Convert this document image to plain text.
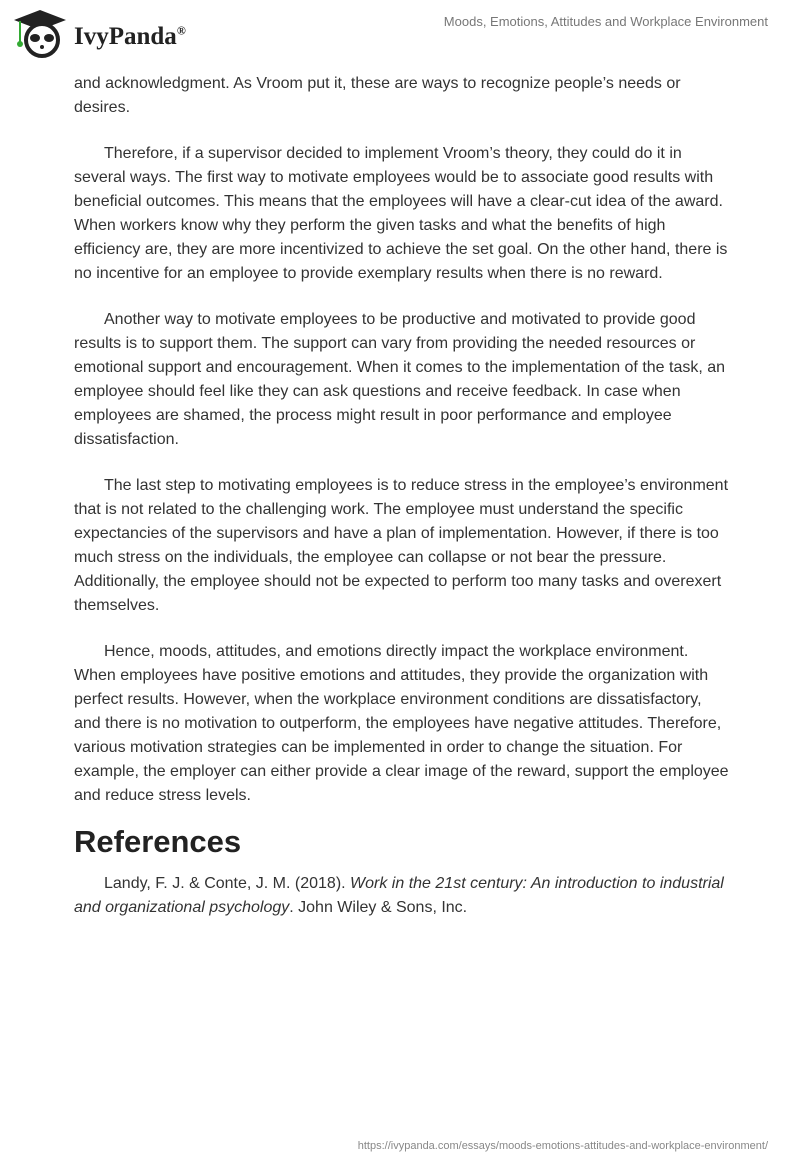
IvyPanda®
Moods, Emotions, Attitudes and Workplace Environment

and acknowledgment. As Vroom put it, these are ways to recognize people’s needs or desires.

Therefore, if a supervisor decided to implement Vroom’s theory, they could do it in several ways. The first way to motivate employees would be to associate good results with beneficial outcomes. This means that the employees will have a clear-cut idea of the award. When workers know why they perform the given tasks and what the benefits of high efficiency are, they are more incentivized to achieve the set goal. On the other hand, there is no incentive for an employee to provide exemplary results when there is no reward.

Another way to motivate employees to be productive and motivated to provide good results is to support them. The support can vary from providing the needed resources or emotional support and encouragement. When it comes to the implementation of the task, an employee should feel like they can ask questions and receive feedback. In case when employees are shamed, the process might result in poor performance and employee dissatisfaction.

The last step to motivating employees is to reduce stress in the employee’s environment that is not related to the challenging work. The employee must understand the specific expectancies of the supervisors and have a plan of implementation. However, if there is too much stress on the individuals, the employee can collapse or not bear the pressure. Additionally, the employee should not be expected to perform too many tasks and overexert themselves.

Hence, moods, attitudes, and emotions directly impact the workplace environment. When employees have positive emotions and attitudes, they provide the organization with perfect results. However, when the workplace environment conditions are dissatisfactory, and there is no motivation to outperform, the employees have negative attitudes. Therefore, various motivation strategies can be implemented in order to change the situation. For example, the employer can either provide a clear image of the reward, support the employee and reduce stress levels.

References

Landy, F. J. & Conte, J. M. (2018). Work in the 21st century: An introduction to industrial and organizational psychology. John Wiley & Sons, Inc.

https://ivypanda.com/essays/moods-emotions-attitudes-and-workplace-environment/
